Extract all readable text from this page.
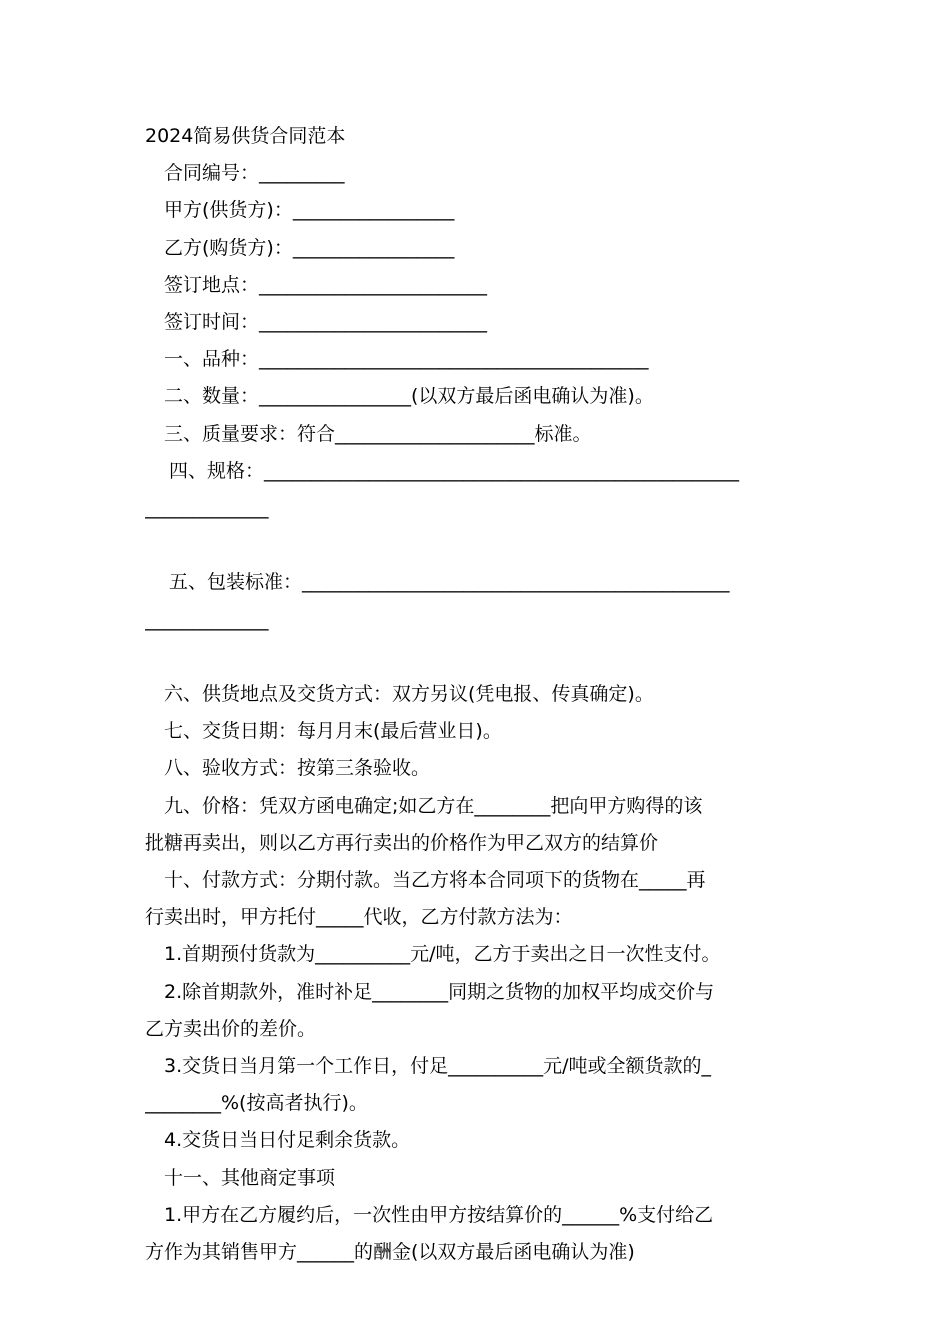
2024简易供货合同范本
合同编号：_________
甲方(供货方)：_________________
乙方(购货方)：_________________
签订地点：________________________
签订时间：________________________
一、品种：_________________________________________
二、数量：________________(以双方最后函电确认为准)。
三、质量要求：符合_____________________标准。
四、规格：__________________________________________________
_____________
五、包装标准：_____________________________________________
_____________
六、供货地点及交货方式：双方另议(凭电报、传真确定)。
七、交货日期：每月月末(最后营业日)。
八、验收方式：按第三条验收。
九、价格：凭双方函电确定;如乙方在________把向甲方购得的该
批糖再卖出，则以乙方再行卖出的价格作为甲乙双方的结算价
十、付款方式：分期付款。当乙方将本合同项下的货物在_____再
行卖出时，甲方托付_____代收，乙方付款方法为：
1.首期预付货款为__________元/吨，乙方于卖出之日一次性支付。
2.除首期款外，准时补足________同期之货物的加权平均成交价与
乙方卖出价的差价。
3.交货日当月第一个工作日，付足__________元/吨或全额货款的_
________%(按高者执行)。
4.交货日当日付足剩余货款。
十一、其他商定事项
1.甲方在乙方履约后，一次性由甲方按结算价的______%支付给乙
方作为其销售甲方______的酬金(以双方最后函电确认为准)
